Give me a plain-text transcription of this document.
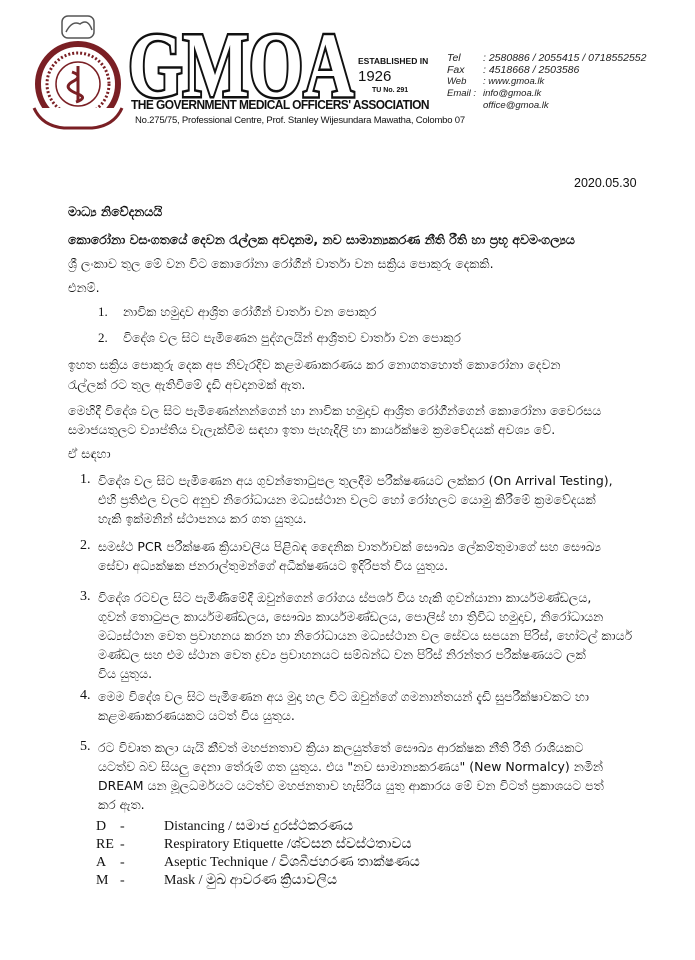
GMOA ESTABLISHED IN
1926
TU No. 291
THE GOVERNMENT MEDICAL OFFICERS' ASSOCIATION
No.275/75, Professional Centre, Prof. Stanley Wijesundara Mawatha, Colombo 07
Tel : 2580886 / 2055415 / 0718552552
Fax : 4518668 / 2503586
Web : www.gmoa.lk
Email : info@gmoa.lk
office@gmoa.lk
2020.05.30
මාධ්‍ය නිවේදනයයි
කොරෝනා වසංගතයේ දෙවන රැල්ලක අවදානම, නව සාමාන්‍යකරණ නීති රීති හා ප්‍රභූ අවමංගල්‍යය
ශ්‍රී ලංකාව තුල මේ වන විට කොරෝනා රෝගීන් වාර්තා වන සක්‍රිය පොකුරු දෙකකි.
එනම්.
1. නාවික හමුදාව ආශ්‍රිත රෝගීන් වාර්තා වන පොකුර
2. විදේශ වල සිට පැමිණෙන පුද්ගලයින් ආශ්‍රිතව වාර්තා වන පොකුර
ඉහත සක්‍රිය පොකුරු දෙක අප නිවැරදිව කළමණාකරණය කර නොගතහොත් කොරෝනා දෙවන
රැල්ලක් රට තුල ඇතිවීමේ දැඩි අවදානමක් ඇත.
මෙහිදී විදේශ වල සිට පැමිණෙන්නන්ගෙන් හා නාවික හමුදාව ආශ්‍රිත රෝගීන්ගෙන් කොරෝනා වෛරසය
සමාජයතුලට ව්‍යාප්තිය වැලැක්වීම සඳහා ඉතා පැහැදිලි හා කාර්යක්ෂම ක්‍රමවේදයක් අවශ්‍ය වේ.
ඒ සඳහා
1. විදේශ වල සිට පැමිණෙන අය ගුවන්තොටුපල තුලදීම පරීක්ෂණයට ලක්කර (On Arrival Testing),
එහි ප්‍රතිඵල වලට අනුව නිරෝධායන මධ්‍යස්ථාන වලට හෝ රෝහලට යොමු කිරීමේ ක්‍රමවේදයක්
හැකි ඉක්මනින් ස්ථාපනය කර ගත යුතුය.
2. සමස්ථ PCR පරීක්ෂණ ක්‍රියාවලිය පිළිබඳ දෛනික වාර්තාවක් සෞඛ්‍ය ලේකම්තුමාගේ සහ සෞඛ්‍ය
සේවා අධ්‍යක්ෂක ජනරාල්තුමන්ගේ අධීක්ෂණයට ඉදිරිපත් විය යුතුය.
3. විදේශ රටවල සිට පැමිණීමේදී ඔවුන්ගෙන් රෝගය ස්පර්ශ විය හැකි ගුවන්යානා කාර්යමණ්ඩලය,
ගුවන් තොටුපල කාර්යමණ්ඩලය, සෞඛ්‍ය කාර්යමණ්ඩලය, පොලිස් හා ත්‍රිවිධ හමුදාව, නිරෝධායන
මධ්‍යස්ථාන වෙත ප්‍රවාහනය කරන හා නිරෝධායන මධ්‍යස්ථාන වල සේවය සපයන පිරිස්, හෝටල් කාර්ය
මණ්ඩල සහ එම ස්ථාන වෙත ද්‍රව්‍ය ප්‍රවාහනයට සම්බන්ධ වන පිරිස් නිරන්තර පරීක්ෂණයට ලක්
විය යුතුය.
4. මෙම විදේශ වල සිට පැමිණෙන අය මුදා හල විට ඔවුන්ගේ ගමනාන්තයන් දැඩි සුපරීක්ෂාවකට හා
කළමණාකරණයකට යටත් විය යුතුය.
5. රට විවෘත කලා යැයි කීවත් මහජනතාව ක්‍රියා කලයුත්තේ සෞඛ්‍ය ආරක්ෂක නීති රීති රාශියකට
යටත්ව බව සියලු දෙනා තේරුම් ගත යුතුය. එය "නව සාමාන්‍යකරණය" (New Normalcy) නමින්
DREAM යන මූලධර්මයට යටත්ව මහජනතාව හැසිරිය යුතු ආකාරය මේ වන විටත් ප්‍රකාශයට පත්
කර ඇත.
D -	Distancing / සමාජ දුරස්ථකරණය
RE -	Respiratory Etiquette /ශ්වසන ස්වස්ථතාවය
A -	Aseptic Technique / විශබීජහරණ තාක්ෂණය
M -	Mask / මුඛ ආවරණ ක්‍රියාවලිය
